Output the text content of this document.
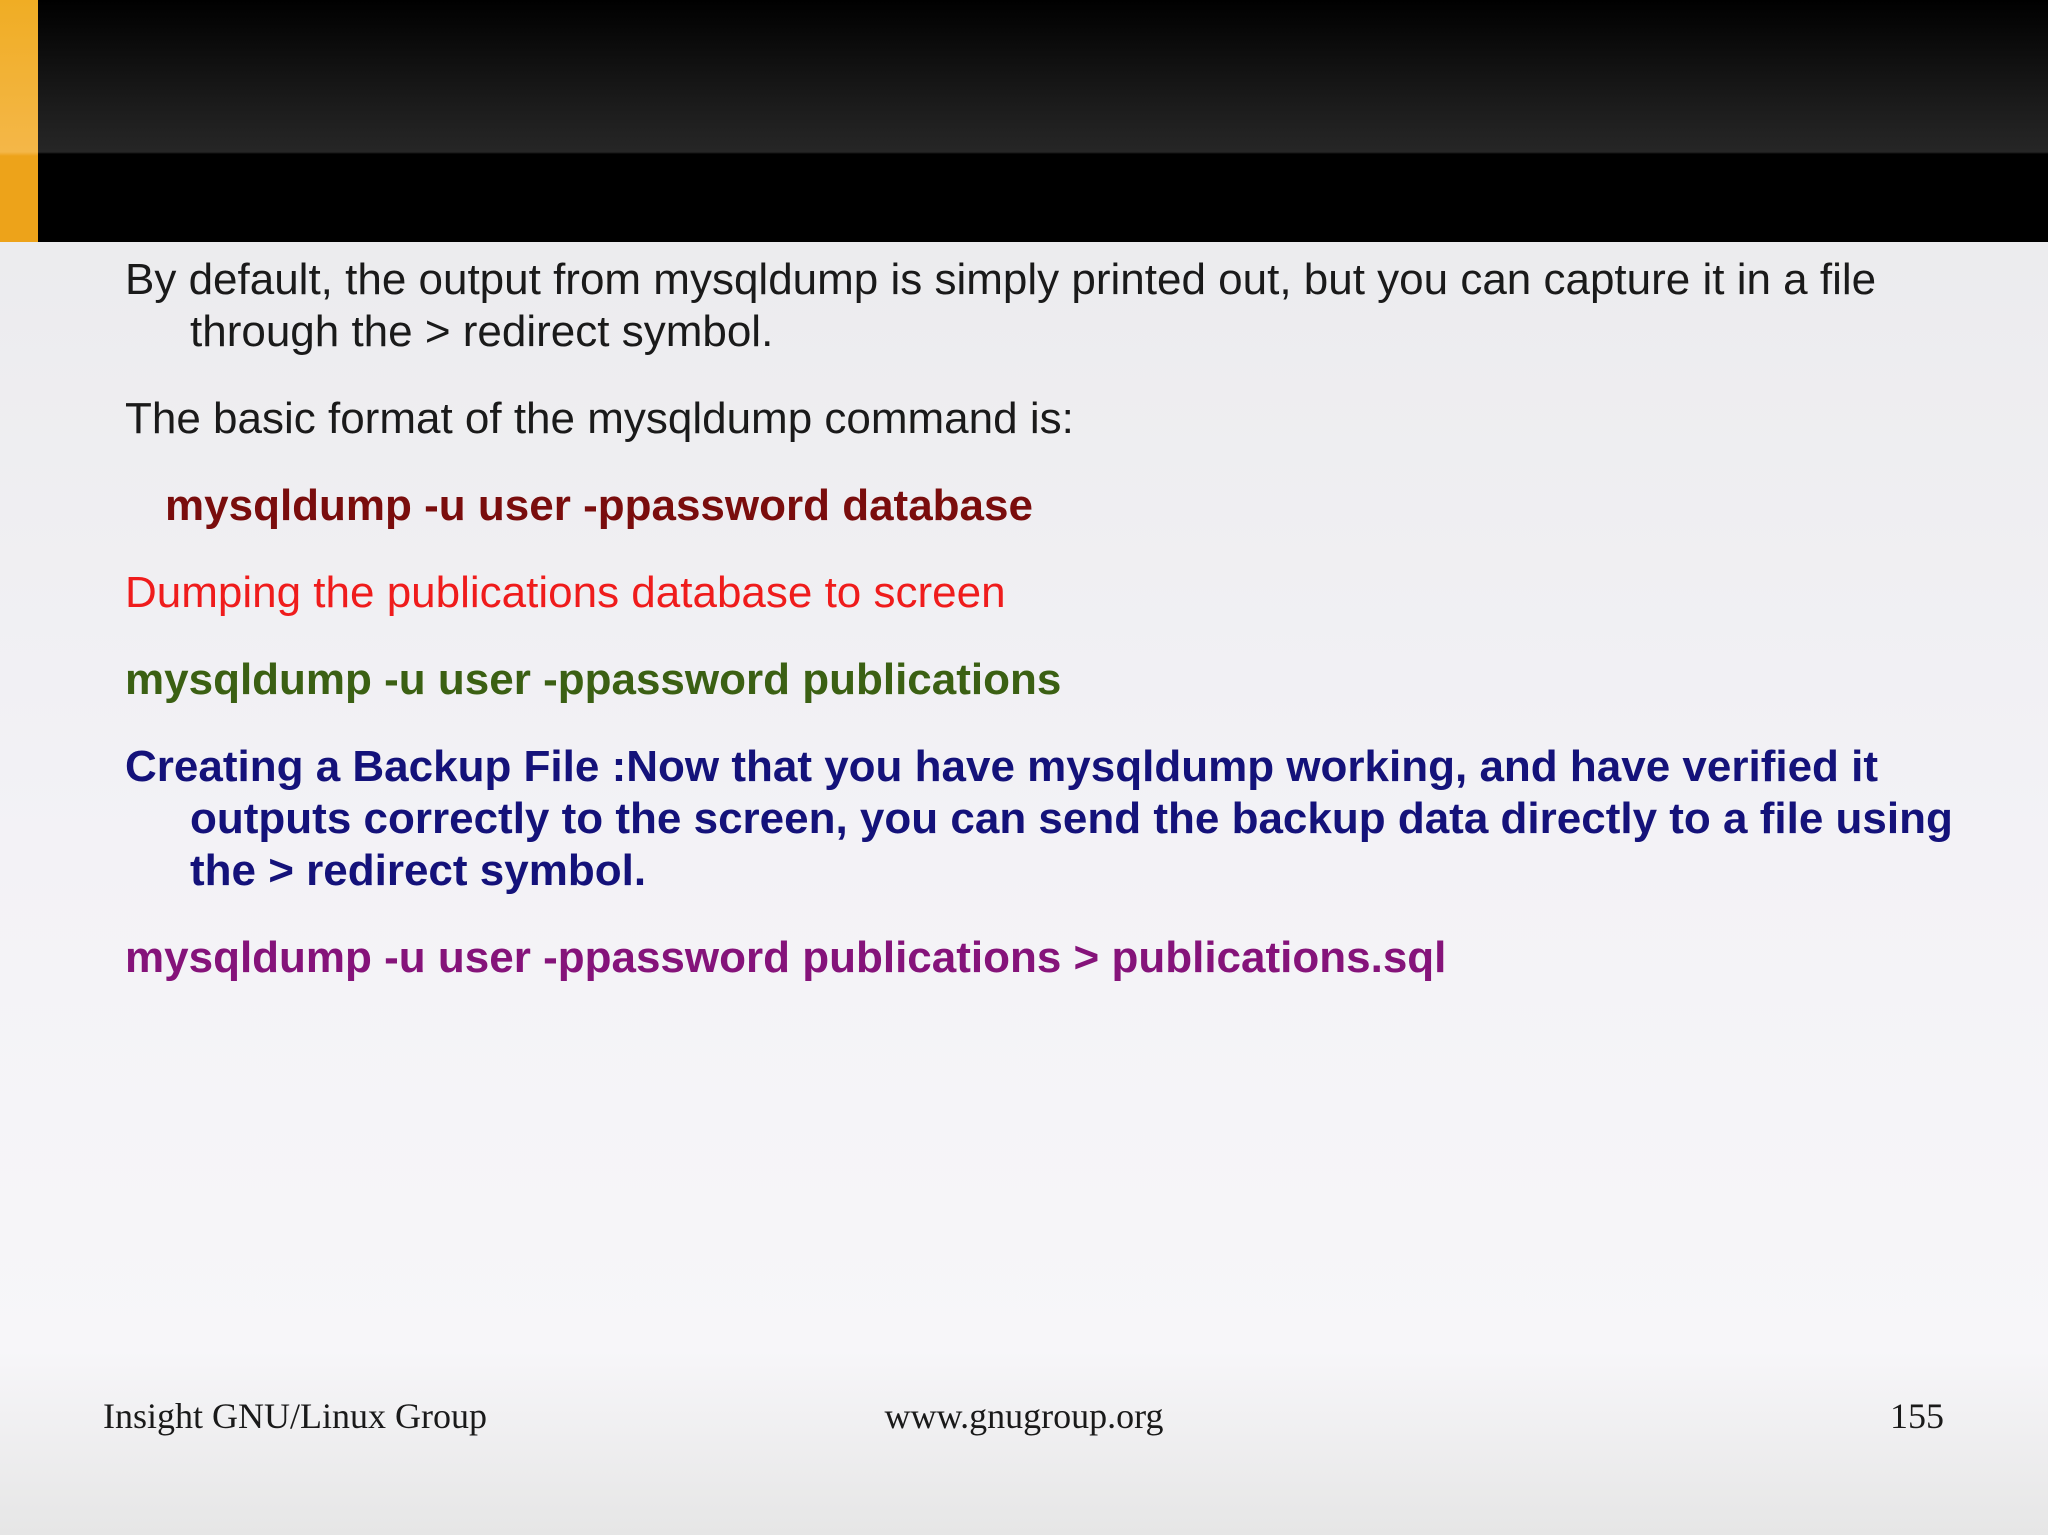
By default, the output from mysqldump is simply printed out, but you can capture it in a file through the > redirect symbol.

The basic format of the mysqldump command is:

mysqldump -u user -ppassword database

Dumping the publications database to screen

mysqldump -u user -ppassword publications

Creating a Backup File :Now that you have mysqldump working, and have verified it outputs correctly to the screen, you can send the backup data directly to a file using the > redirect symbol.

mysqldump -u user -ppassword publications > publications.sql

Insight GNU/Linux Group	www.gnugroup.org	155
